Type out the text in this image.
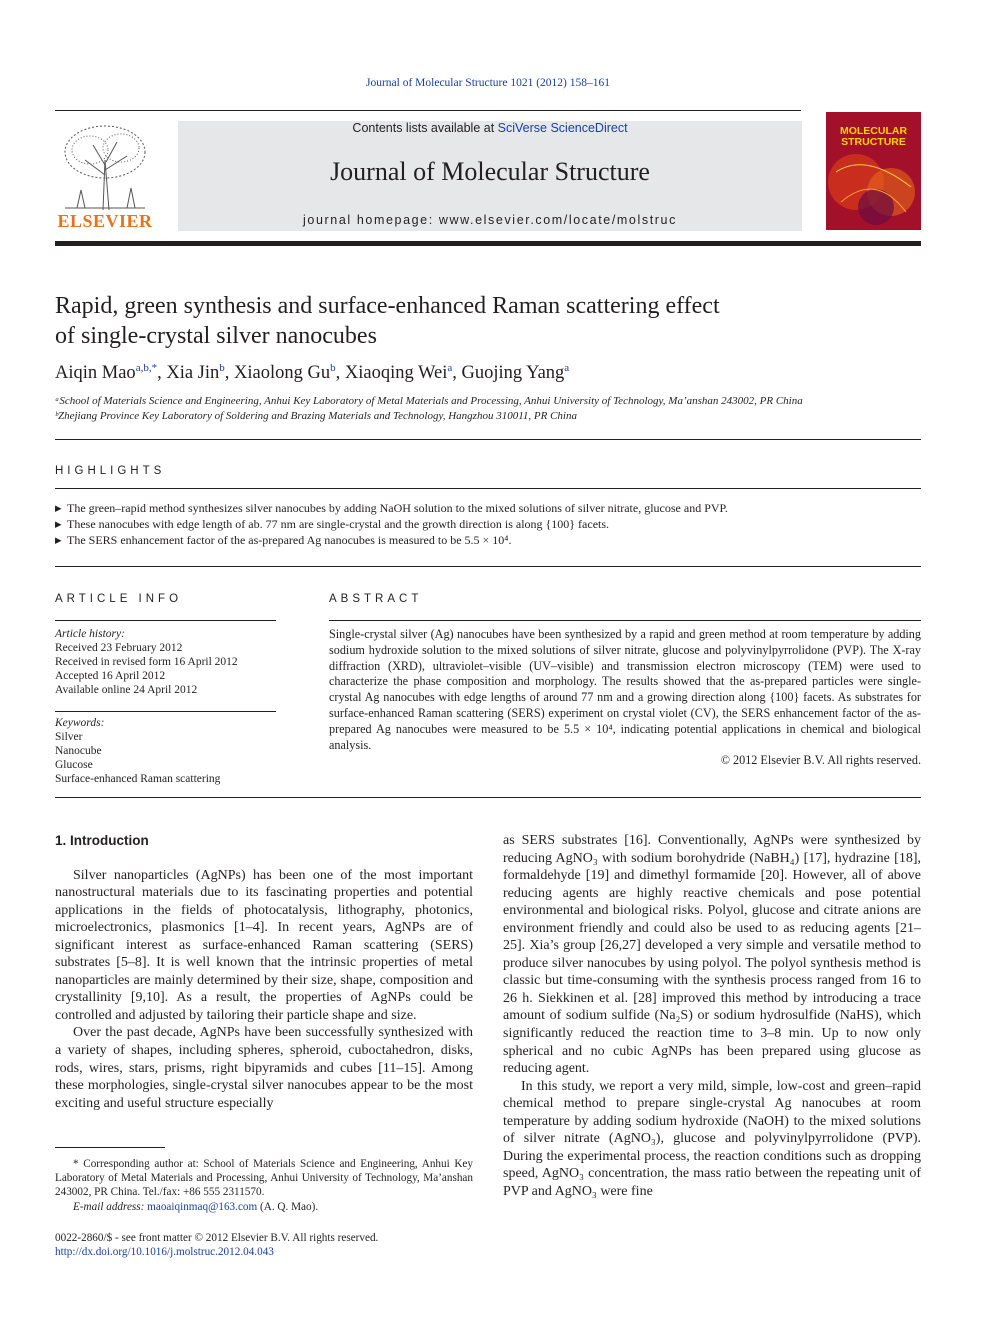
Journal of Molecular Structure 1021 (2012) 158–161
ELSEVIER
Contents lists available at SciVerse ScienceDirect
Journal of Molecular Structure
journal homepage: www.elsevier.com/locate/molstruc
MOLECULAR STRUCTURE
Rapid, green synthesis and surface-enhanced Raman scattering effect
of single-crystal silver nanocubes
Aiqin Mao$^{a,b,*}$, Xia Jin$^b$, Xiaolong Gu$^b$, Xiaoqing Wei$^a$, Guojing Yang$^a$
ᵃSchool of Materials Science and Engineering, Anhui Key Laboratory of Metal Materials and Processing, Anhui University of Technology, Ma’anshan 243002, PR China
ᵇZhejiang Province Key Laboratory of Soldering and Brazing Materials and Technology, Hangzhou 310011, PR China
HIGHLIGHTS
▶ The green–rapid method synthesizes silver nanocubes by adding NaOH solution to the mixed solutions of silver nitrate, glucose and PVP.
▶ These nanocubes with edge length of ab. 77 nm are single-crystal and the growth direction is along {100} facets.
▶ The SERS enhancement factor of the as-prepared Ag nanocubes is measured to be 5.5 × 10⁴.
ARTICLE INFO
Article history:
Received 23 February 2012
Received in revised form 16 April 2012
Accepted 16 April 2012
Available online 24 April 2012
Keywords:
Silver
Nanocube
Glucose
Surface-enhanced Raman scattering
ABSTRACT
Single-crystal silver (Ag) nanocubes have been synthesized by a rapid and green method at room temperature by adding sodium hydroxide solution to the mixed solutions of silver nitrate, glucose and polyvinylpyrrolidone (PVP). The X-ray diffraction (XRD), ultraviolet–visible (UV–visible) and transmission electron microscopy (TEM) were used to characterize the phase composition and morphology. The results showed that the as-prepared particles were single-crystal Ag nanocubes with edge lengths of around 77 nm and a growing direction along {100} facets. As substrates for surface-enhanced Raman scattering (SERS) experiment on crystal violet (CV), the SERS enhancement factor of the as-prepared Ag nanocubes were measured to be 5.5 × 10⁴, indicating potential applications in chemical and biological analysis.
© 2012 Elsevier B.V. All rights reserved.

1. Introduction

Silver nanoparticles (AgNPs) has been one of the most important nanostructural materials due to its fascinating properties and potential applications in the fields of photocatalysis, lithography, photonics, microelectronics, plasmonics [1–4]. In recent years, AgNPs are of significant interest as surface-enhanced Raman scattering (SERS) substrates [5–8]. It is well known that the intrinsic properties of metal nanoparticles are mainly determined by their size, shape, composition and crystallinity [9,10]. As a result, the properties of AgNPs could be controlled and adjusted by tailoring their particle shape and size.

Over the past decade, AgNPs have been successfully synthesized with a variety of shapes, including spheres, spheroid, cuboctahedron, disks, rods, wires, stars, prisms, right bipyramids and cubes [11–15]. Among these morphologies, single-crystal silver nanocubes appear to be the most exciting and useful structure especially

as SERS substrates [16]. Conventionally, AgNPs were synthesized by reducing AgNO₃ with sodium borohydride (NaBH₄) [17], hydrazine [18], formaldehyde [19] and dimethyl formamide [20]. However, all of above reducing agents are highly reactive chemicals and pose potential environmental and biological risks. Polyol, glucose and citrate anions are environment friendly and could also be used to as reducing agents [21–25]. Xia’s group [26,27] developed a very simple and versatile method to produce silver nanocubes by using polyol. The polyol synthesis method is classic but time-consuming with the synthesis process ranged from 16 to 26 h. Siekkinen et al. [28] improved this method by introducing a trace amount of sodium sulfide (Na₂S) or sodium hydrosulfide (NaHS), which significantly reduced the reaction time to 3–8 min. Up to now only spherical and no cubic AgNPs has been prepared using glucose as reducing agent.

In this study, we report a very mild, simple, low-cost and green–rapid chemical method to prepare single-crystal Ag nanocubes at room temperature by adding sodium hydroxide (NaOH) to the mixed solutions of silver nitrate (AgNO₃), glucose and polyvinylpyrrolidone (PVP). During the experimental process, the reaction conditions such as dropping speed, AgNO₃ concentration, the mass ratio between the repeating unit of PVP and AgNO₃ were fine

* Corresponding author at: School of Materials Science and Engineering, Anhui Key Laboratory of Metal Materials and Processing, Anhui University of Technology, Ma’anshan 243002, PR China. Tel./fax: +86 555 2311570.
E-mail address: maoaiqinmaq@163.com (A. Q. Mao).
0022-2860/$ - see front matter © 2012 Elsevier B.V. All rights reserved.
http://dx.doi.org/10.1016/j.molstruc.2012.04.043
